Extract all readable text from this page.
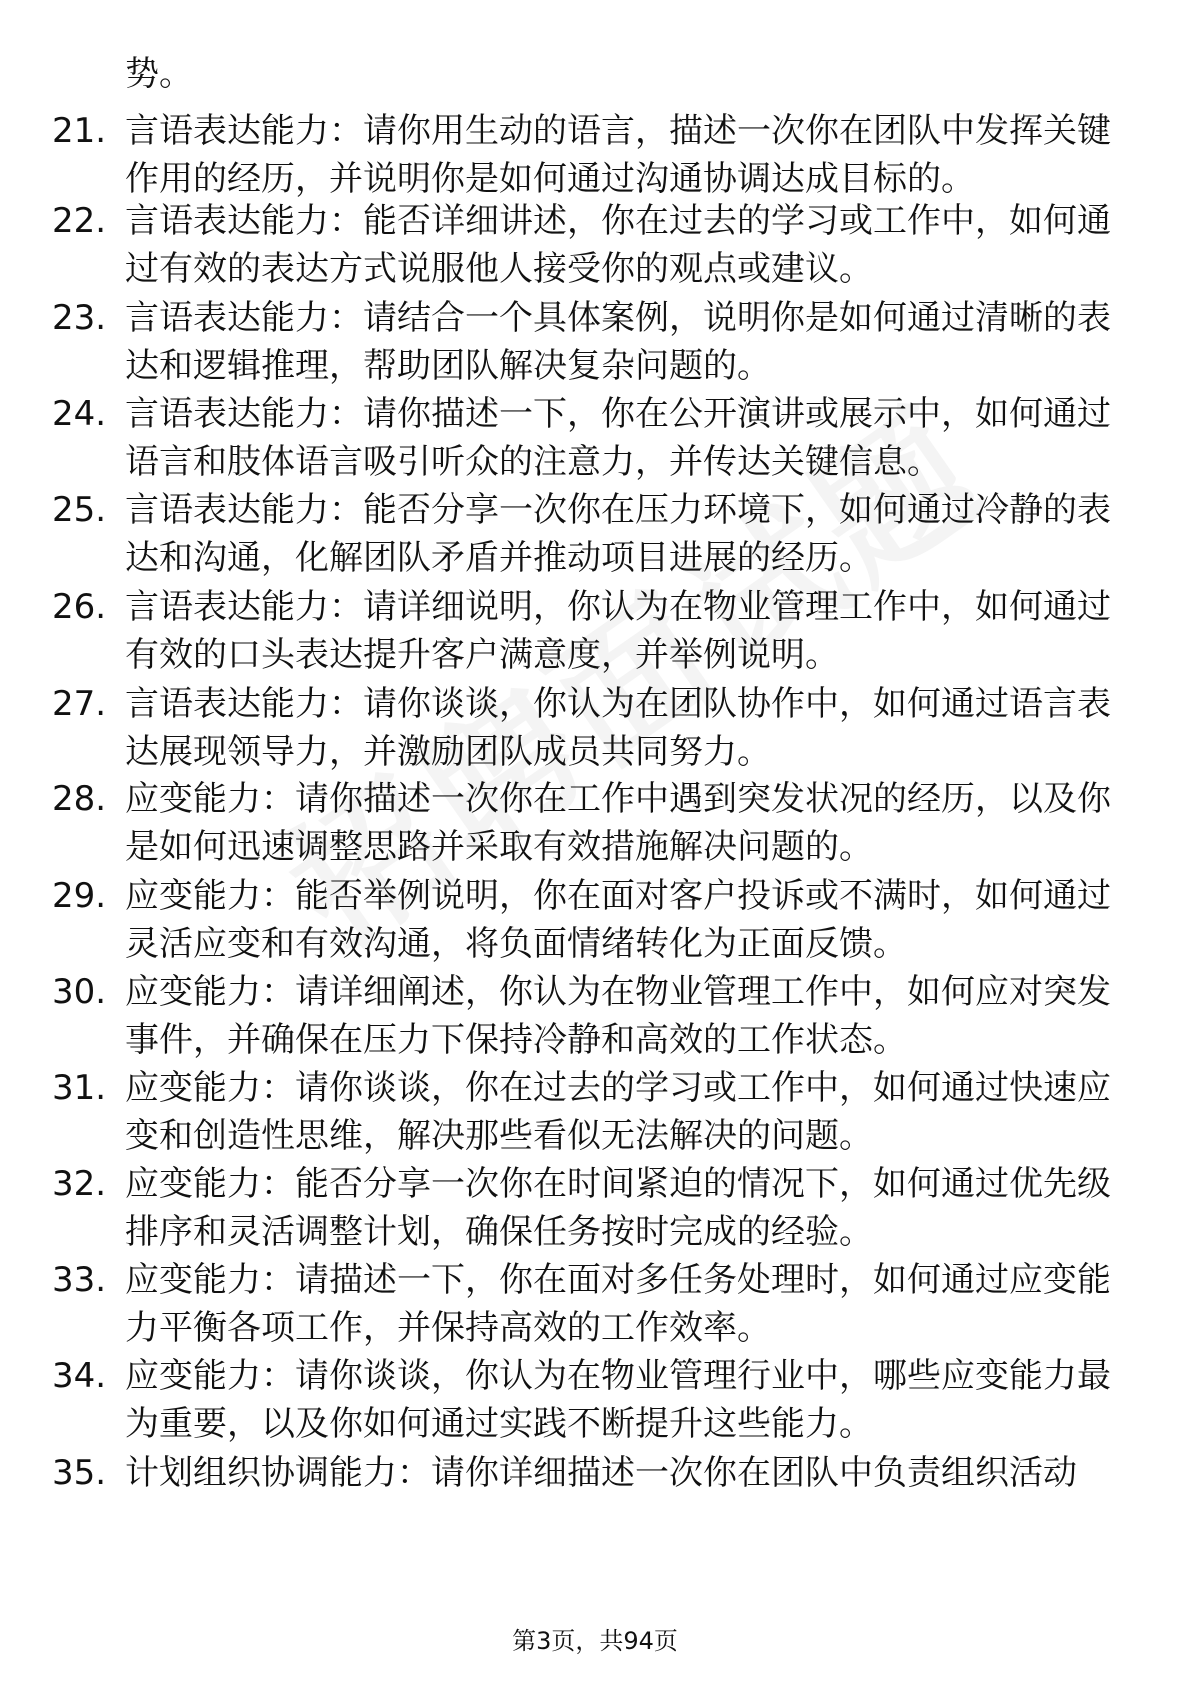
势。

21. 言语表达能力：请你用生动的语言，描述一次你在团队中发挥关键作用的经历，并说明你是如何通过沟通协调达成目标的。
22. 言语表达能力：能否详细讲述，你在过去的学习或工作中，如何通过有效的表达方式说服他人接受你的观点或建议。
23. 言语表达能力：请结合一个具体案例，说明你是如何通过清晰的表达和逻辑推理，帮助团队解决复杂问题的。
24. 言语表达能力：请你描述一下，你在公开演讲或展示中，如何通过语言和肢体语言吸引听众的注意力，并传达关键信息。
25. 言语表达能力：能否分享一次你在压力环境下，如何通过冷静的表达和沟通，化解团队矛盾并推动项目进展的经历。
26. 言语表达能力：请详细说明，你认为在物业管理工作中，如何通过有效的口头表达提升客户满意度，并举例说明。
27. 言语表达能力：请你谈谈，你认为在团队协作中，如何通过语言表达展现领导力，并激励团队成员共同努力。
28. 应变能力：请你描述一次你在工作中遇到突发状况的经历，以及你是如何迅速调整思路并采取有效措施解决问题的。
29. 应变能力：能否举例说明，你在面对客户投诉或不满时，如何通过灵活应变和有效沟通，将负面情绪转化为正面反馈。
30. 应变能力：请详细阐述，你认为在物业管理工作中，如何应对突发事件，并确保在压力下保持冷静和高效的工作状态。
31. 应变能力：请你谈谈，你在过去的学习或工作中，如何通过快速应变和创造性思维，解决那些看似无法解决的问题。
32. 应变能力：能否分享一次你在时间紧迫的情况下，如何通过优先级排序和灵活调整计划，确保任务按时完成的经验。
33. 应变能力：请描述一下，你在面对多任务处理时，如何通过应变能力平衡各项工作，并保持高效的工作效率。
34. 应变能力：请你谈谈，你认为在物业管理行业中，哪些应变能力最为重要，以及你如何通过实践不断提升这些能力。
35. 计划组织协调能力：请你详细描述一次你在团队中负责组织活动
第3页，共94页
